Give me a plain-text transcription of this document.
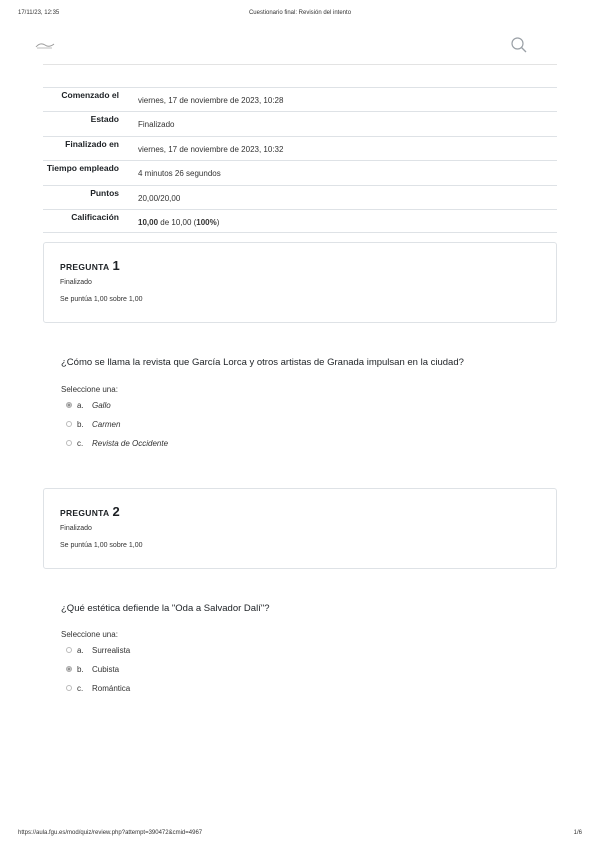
17/11/23, 12:35	Cuestionario final: Revisión del intento
Comenzado el
viernes, 17 de noviembre de 2023, 10:28
Estado
Finalizado
Finalizado en
viernes, 17 de noviembre de 2023, 10:32
Tiempo empleado
4 minutos 26 segundos
Puntos
20,00/20,00
Calificación
10,00 de 10,00 (100%)
PREGUNTA 1
Finalizado
Se puntúa 1,00 sobre 1,00
¿Cómo se llama la revista que García Lorca y otros artistas de Granada impulsan en la ciudad?
Seleccione una:
a. Gallo
b. Carmen
c. Revista de Occidente
PREGUNTA 2
Finalizado
Se puntúa 1,00 sobre 1,00
¿Qué estética defiende la "Oda a Salvador Dalí"?
Seleccione una:
a. Surrealista
b. Cubista
c. Romántica
https://aula.fgu.es/mod/quiz/review.php?attempt=390472&cmid=4967	1/6
